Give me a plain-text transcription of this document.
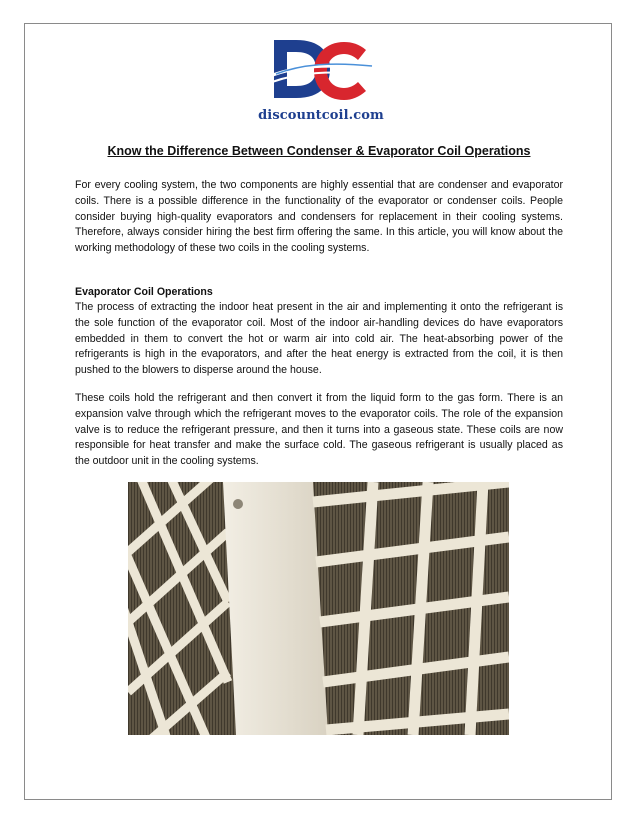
discountcoil.com
Know the Difference Between Condenser & Evaporator Coil Operations

For every cooling system, the two components are highly essential that are condenser and evaporator coils. There is a possible difference in the functionality of the evaporator or condenser coils. People consider buying high-quality evaporators and condensers for replacement in their cooling systems. Therefore, always consider hiring the best firm offering the same. In this article, you will know about the working methodology of these two coils in the cooling systems.

Evaporator Coil Operations

The process of extracting the indoor heat present in the air and implementing it onto the refrigerant is the sole function of the evaporator coil. Most of the indoor air-handling devices do have evaporators embedded in them to convert the hot or warm air into cold air. The heat-absorbing power of the refrigerants is high in the evaporators, and after the heat energy is extracted from the coil, it is then pushed to the blowers to disperse around the house.

These coils hold the refrigerant and then convert it from the liquid form to the gas form. There is an expansion valve through which the refrigerant moves to the evaporator coils. The role of the expansion valve is to reduce the refrigerant pressure, and then it turns into a gaseous state. These coils are now responsible for heat transfer and make the surface cold. The gaseous refrigerant is usually placed as the outdoor unit in the cooling systems.
